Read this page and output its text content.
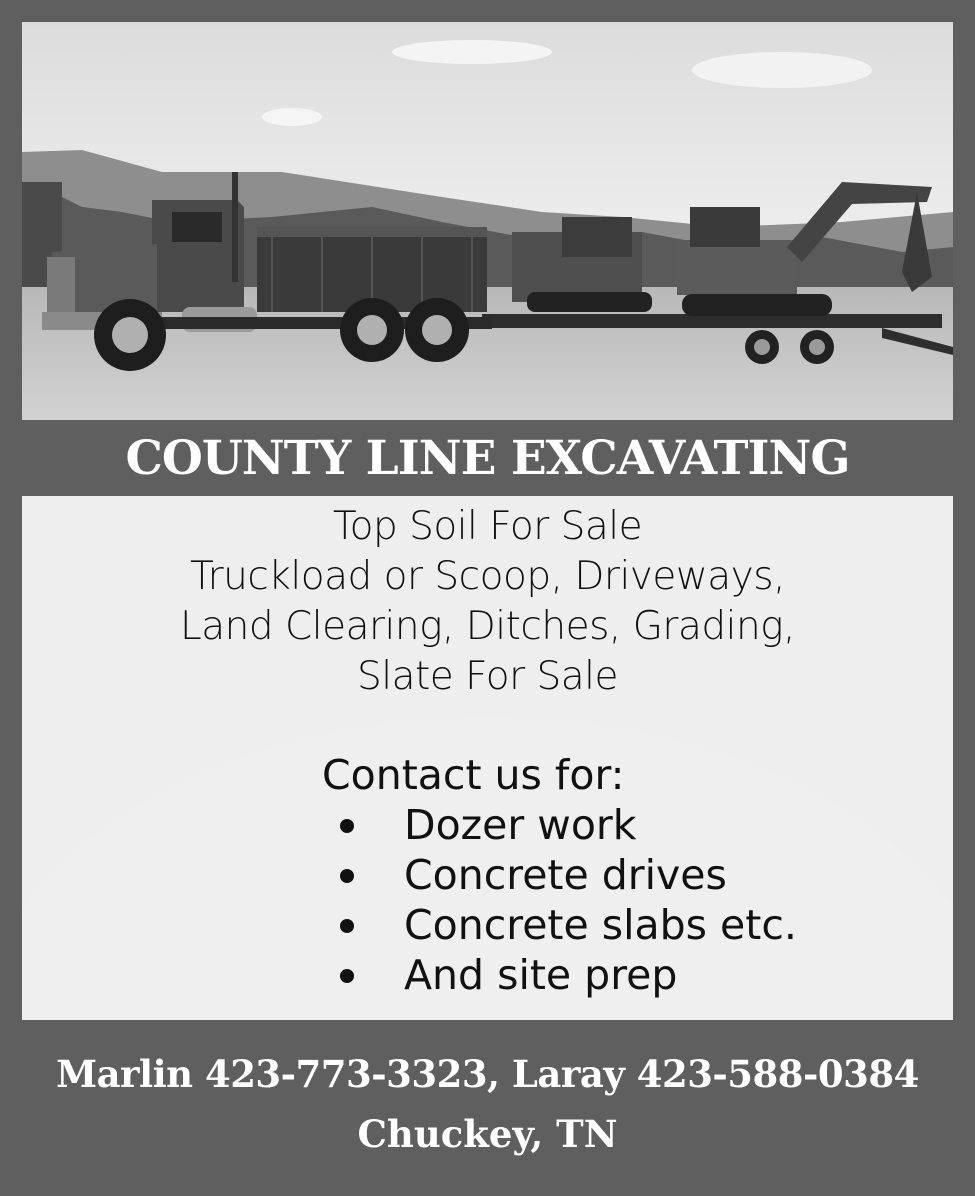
COUNTY LINE EXCAVATING
Top Soil For Sale
Truckload or Scoop, Driveways,
Land Clearing, Ditches, Grading,
Slate For Sale
Contact us for:
Dozer work
Concrete drives
Concrete slabs etc.
And site prep
Marlin 423-773-3323, Laray 423-588-0384
Chuckey, TN
